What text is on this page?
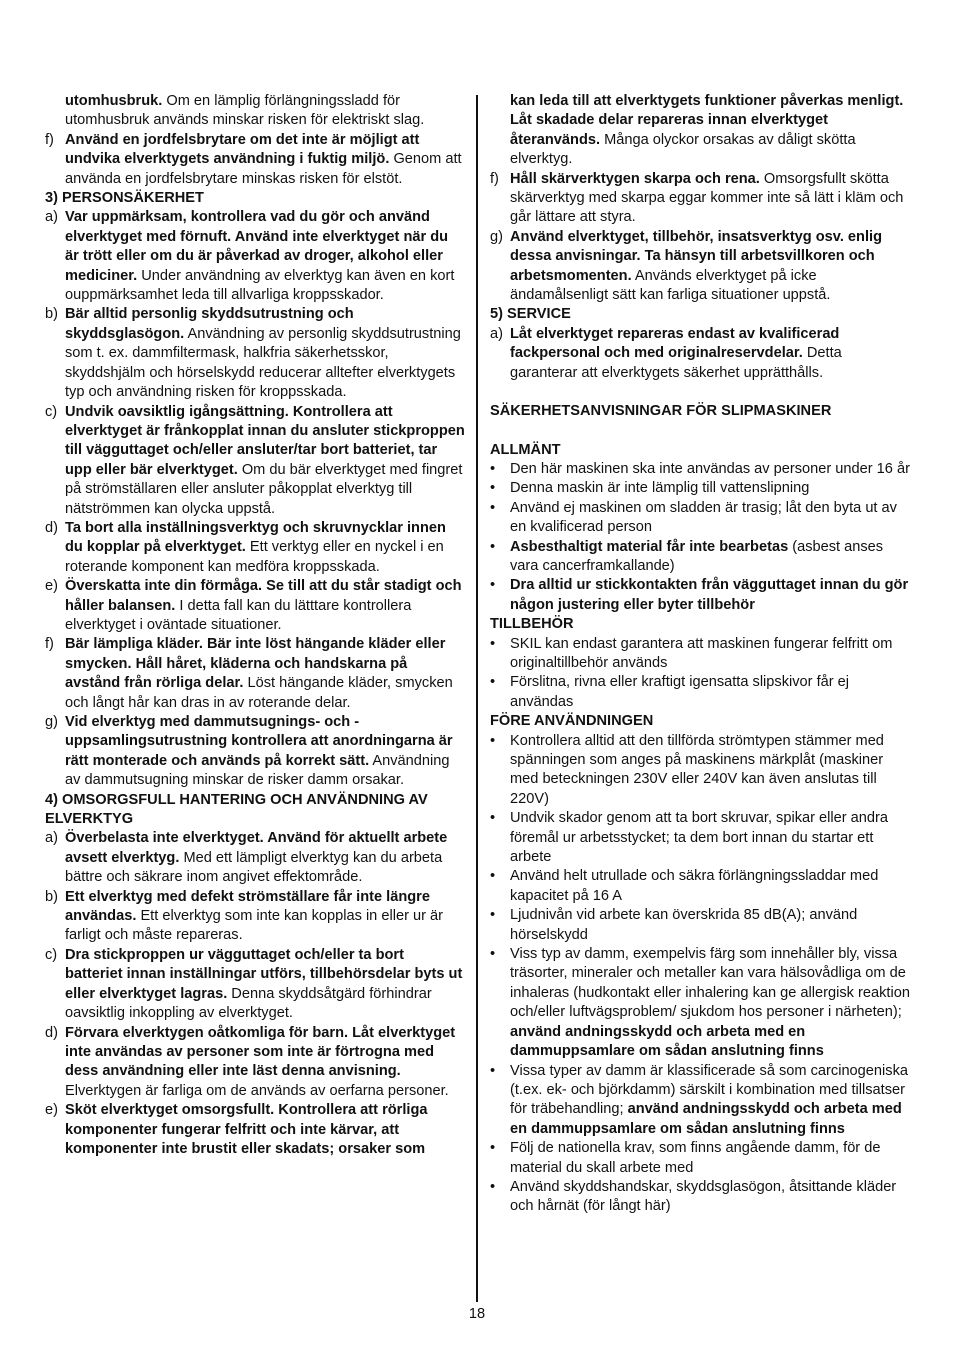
utomhusbruk. Om en lämplig förlängningssladd för utomhusbruk används minskar risken för elektriskt slag.
f) Använd en jordfelsbrytare om det inte är möjligt att undvika elverktygets användning i fuktig miljö. Genom att använda en jordfelsbrytare minskas risken för elstöt.
3) PERSONSÄKERHET
a) Var uppmärksam, kontrollera vad du gör och använd elverktyget med förnuft. Använd inte elverktyget när du är trött eller om du är påverkad av droger, alkohol eller mediciner. Under användning av elverktyg kan även en kort ouppmärksamhet leda till allvarliga kroppsskador.
b) Bär alltid personlig skyddsutrustning och skyddsglasögon. Användning av personlig skyddsutrustning som t. ex. dammfiltermask, halkfria säkerhetsskor, skyddshjälm och hörselskydd reducerar alltefter elverktygets typ och användning risken för kroppsskada.
c) Undvik oavsiktlig igångsättning. Kontrollera att elverktyget är frånkopplat innan du ansluter stickproppen till vägguttaget och/eller ansluter/tar bort batteriet, tar upp eller bär elverktyget. Om du bär elverktyget med fingret på strömställaren eller ansluter påkopplat elverktyg till nätströmmen kan olycka uppstå.
d) Ta bort alla inställningsverktyg och skruvnycklar innen du kopplar på elverktyget. Ett verktyg eller en nyckel i en roterande komponent kan medföra kroppsskada.
e) Överskatta inte din förmåga. Se till att du står stadigt och håller balansen. I detta fall kan du lätttare kontrollera elverktyget i oväntade situationer.
f) Bär lämpliga kläder. Bär inte löst hängande kläder eller smycken. Håll håret, kläderna och handskarna på avstånd från rörliga delar. Löst hängande kläder, smycken och långt hår kan dras in av roterande delar.
g) Vid elverktyg med dammutsugnings- och -uppsamlingsutrustning kontrollera att anordningarna är rätt monterade och används på korrekt sätt. Användning av dammutsugning minskar de risker damm orsakar.
4) OMSORGSFULL HANTERING OCH ANVÄNDNING AV ELVERKTYG
a) Överbelasta inte elverktyget. Använd för aktuellt arbete avsett elverktyg. Med ett lämpligt elverktyg kan du arbeta bättre och säkrare inom angivet effektområde.
b) Ett elverktyg med defekt strömställare får inte längre användas. Ett elverktyg som inte kan kopplas in eller ur är farligt och måste repareras.
c) Dra stickproppen ur vägguttaget och/eller ta bort batteriet innan inställningar utförs, tillbehörsdelar byts ut eller elverktyget lagras. Denna skyddsåtgärd förhindrar oavsiktlig inkoppling av elverktyget.
d) Förvara elverktygen oåtkomliga för barn. Låt elverktyget inte användas av personer som inte är förtrogna med dess användning eller inte läst denna anvisning. Elverktygen är farliga om de används av oerfarna personer.
e) Sköt elverktyget omsorgsfullt. Kontrollera att rörliga komponenter fungerar felfritt och inte kärvar, att komponenter inte brustit eller skadats; orsaker som
kan leda till att elverktygets funktioner påverkas menligt. Låt skadade delar repareras innan elverktyget återanvänds. Många olyckor orsakas av dåligt skötta elverktyg.
f) Håll skärverktygen skarpa och rena. Omsorgsfullt skötta skärverktyg med skarpa eggar kommer inte så lätt i kläm och går lättare att styra.
g) Använd elverktyget, tillbehör, insatsverktyg osv. enlig dessa anvisningar. Ta hänsyn till arbetsvillkoren och arbetsmomenten. Används elverktyget på icke ändamålsenligt sätt kan farliga situationer uppstå.
5) SERVICE
a) Låt elverktyget repareras endast av kvalificerad fackpersonal och med originalreservdelar. Detta garanterar att elverktygets säkerhet upprätthålls.
SÄKERHETSANVISNINGAR FÖR SLIPMASKINER
ALLMÄNT
• Den här maskinen ska inte användas av personer under 16 år
• Denna maskin är inte lämplig till vattenslipning
• Använd ej maskinen om sladden är trasig; låt den byta ut av en kvalificerad person
• Asbesthaltigt material får inte bearbetas (asbest anses vara cancerframkallande)
• Dra alltid ur stickkontakten från vägguttaget innan du gör någon justering eller byter tillbehör
TILLBEHÖR
• SKIL kan endast garantera att maskinen fungerar felfritt om originaltillbehör används
• Förslitna, rivna eller kraftigt igensatta slipskivor får ej användas
FÖRE ANVÄNDNINGEN
• Kontrollera alltid att den tillförda strömtypen stämmer med spänningen som anges på maskinens märkplåt (maskiner med beteckningen 230V eller 240V kan även anslutas till 220V)
• Undvik skador genom att ta bort skruvar, spikar eller andra föremål ur arbetsstycket; ta dem bort innan du startar ett arbete
• Använd helt utrullade och säkra förlängningssladdar med kapacitet på 16 A
• Ljudnivån vid arbete kan överskrida 85 dB(A); använd hörselskydd
• Viss typ av damm, exempelvis färg som innehåller bly, vissa träsorter, mineraler och metaller kan vara hälsovådliga om de inhaleras (hudkontakt eller inhalering kan ge allergisk reaktion och/eller luftvägsproblem/ sjukdom hos personer i närheten); använd andningsskydd och arbeta med en dammuppsamlare om sådan anslutning finns
• Vissa typer av damm är klassificerade så som carcinogeniska (t.ex. ek- och björkdamm) särskilt i kombination med tillsatser för träbehandling; använd andningsskydd och arbeta med en dammuppsamlare om sådan anslutning finns
• Följ de nationella krav, som finns angående damm, för de material du skall arbete med
• Använd skyddshandskar, skyddsglasögon, åtsittande kläder och hårnät (för långt här)
18
